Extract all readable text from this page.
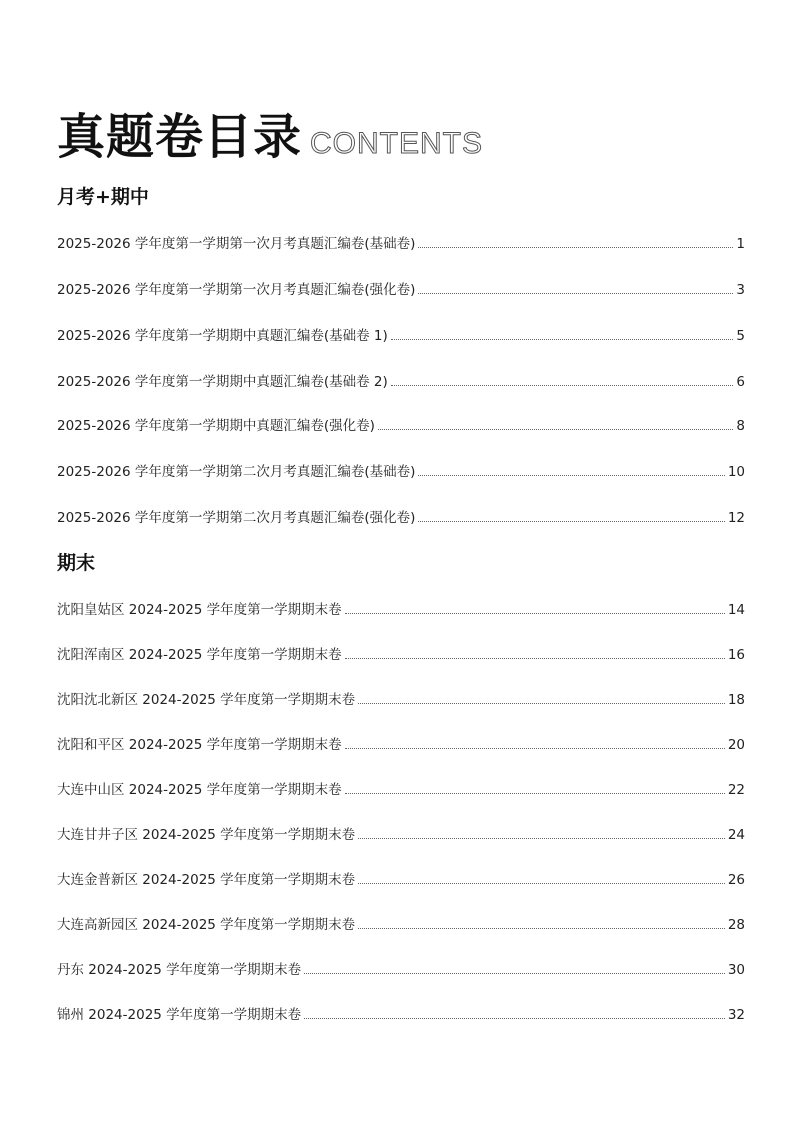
真题卷目录 CONTENTS
月考+期中
2025-2026 学年度第一学期第一次月考真题汇编卷(基础卷)	1
2025-2026 学年度第一学期第一次月考真题汇编卷(强化卷)	3
2025-2026 学年度第一学期期中真题汇编卷(基础卷 1)	5
2025-2026 学年度第一学期期中真题汇编卷(基础卷 2)	6
2025-2026 学年度第一学期期中真题汇编卷(强化卷)	8
2025-2026 学年度第一学期第二次月考真题汇编卷(基础卷)	10
2025-2026 学年度第一学期第二次月考真题汇编卷(强化卷)	12
期末
沈阳皇姑区 2024-2025 学年度第一学期期末卷	14
沈阳浑南区 2024-2025 学年度第一学期期末卷	16
沈阳沈北新区 2024-2025 学年度第一学期期末卷	18
沈阳和平区 2024-2025 学年度第一学期期末卷	20
大连中山区 2024-2025 学年度第一学期期末卷	22
大连甘井子区 2024-2025 学年度第一学期期末卷	24
大连金普新区 2024-2025 学年度第一学期期末卷	26
大连高新园区 2024-2025 学年度第一学期期末卷	28
丹东 2024-2025 学年度第一学期期末卷	30
锦州 2024-2025 学年度第一学期期末卷	32
